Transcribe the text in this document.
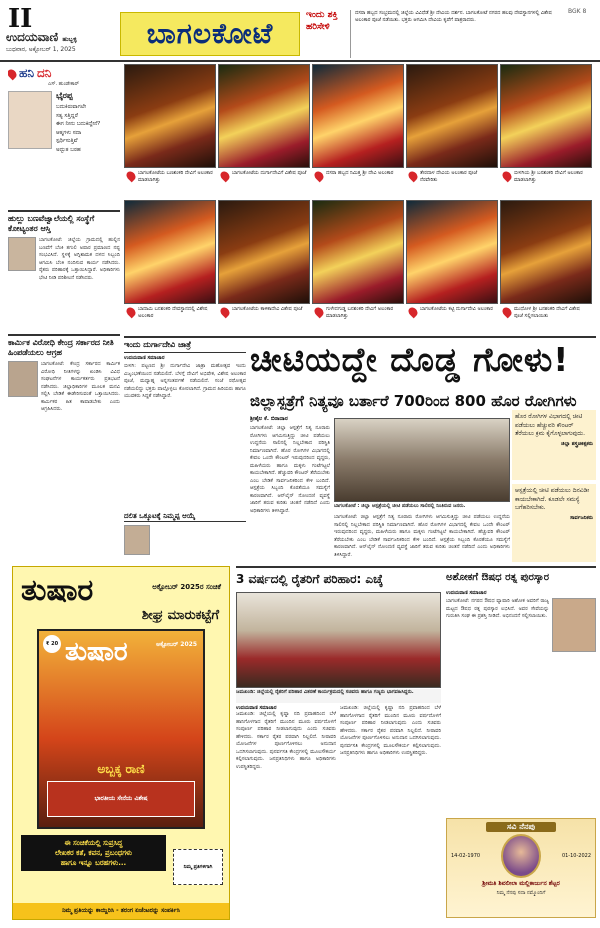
II
ಉದಯವಾಣಿ ಹುಬ್ಬಳ್ಳಿ
ಬುಧವಾರ, ಅಕ್ಟೋಬರ್ 1, 2025	ಬಾಗಲಕೋಟೆ
ಇಂದು ಶಕ್ತಿ
ಹರಿಸೇಳಿ
ದಸರಾ ಹಬ್ಬದ ಸಂಭ್ರಮದಲ್ಲಿ ಜಿಲ್ಲೆಯ ವಿವಿಧೆಡೆ ಶ್ರೀ ದೇವಿಯ ದರ್ಶನ. ಬಾಗಲಕೋಟೆ ನಗರದ ಹಲವು ದೇವಸ್ಥಾನಗಳಲ್ಲಿ ವಿಶೇಷ ಅಲಂಕಾರ ಪೂಜೆ ನಡೆಯಿತು. ಭಕ್ತರು ಆಗಮಿಸಿ ದೇವಿಯ ಕೃಪೆಗೆ ಪಾತ್ರರಾದರು.
BGK 8
ಹನಿ ದನಿ
ಎಸ್. ಹುಂಡೇಕಾರ್
ಭೈರಪ್ಪ
ಬದುಕಿರುವಾಗಲೇ
ಸತ್ಯ ಸತ್ತಿದ್ದರೆ
ಈಗ ನೀನು ಬದುಕಿದ್ದೇನೆ?
ಆತ್ಮಗಳು ಸದಾ
ಸ್ಪರ್ಧಿಸುತ್ತಿವೆ
ಅದ್ಭುತ ಬರಹ
ಹುಲ್ಲು ಬಣವೆಜ್ವಾಲೆಯಲ್ಲಿ ಸಂಸ್ಥೆಗೆ ಕೋಟ್ಯಂತರ ಆಸ್ತಿ
ಬಾಗಲಕೋಟೆ: ಜಿಲ್ಲೆಯ ಗ್ರಾಮದಲ್ಲಿ ಹುಲ್ಲಿನ ಬಣವೆಗೆ ಬೆಂಕಿ ತಗುಲಿ ಅಪಾರ ಪ್ರಮಾಣದ ನಷ್ಟ ಸಂಭವಿಸಿದೆ. ಸ್ಥಳಕ್ಕೆ ಅಗ್ನಿಶಾಮಕ ದಳದ ಸಿಬ್ಬಂದಿ ಆಗಮಿಸಿ ಬೆಂಕಿ ನಂದಿಸುವ ಕಾರ್ಯ ನಡೆಸಿದರು. ರೈತರು ಪರಿಹಾರಕ್ಕೆ ಒತ್ತಾಯಿಸಿದ್ದಾರೆ. ಅಧಿಕಾರಿಗಳು ಭೇಟಿ ನೀಡಿ ಪರಿಶೀಲನೆ ನಡೆಸಿದರು.
ಕಾರ್ಮಿಕ ವಿರೋಧಿ ಕೇಂದ್ರ ಸರ್ಕಾರದ ನೀತಿ ಹಿಂಪಡೆಯಲು ಆಗ್ರಹ
ಬಾಗಲಕೋಟೆ: ಕೇಂದ್ರ ಸರ್ಕಾರದ ಕಾರ್ಮಿಕ ವಿರೋಧಿ ನೀತಿಗಳನ್ನು ಖಂಡಿಸಿ ವಿವಿಧ ಸಂಘಟನೆಗಳ ಕಾರ್ಯಕರ್ತರು ಪ್ರತಿಭಟನೆ ನಡೆಸಿದರು. ಜಿಲ್ಲಾಧಿಕಾರಿಗಳ ಮೂಲಕ ಮನವಿ ಸಲ್ಲಿಸಿ ಬೇಡಿಕೆ ಈಡೇರಿಸುವಂತೆ ಒತ್ತಾಯಿಸಿದರು. ಕಾರ್ಮಿಕರ ಹಿತ ಕಾಪಾಡಬೇಕು ಎಂದು ಆಗ್ರಹಿಸಿದರು.
ಬಾಗಲಕೋಟೆಯ ಬಣಶಂಕರಿ ದೇವಿಗೆ ಅಲಂಕಾರ ಮಾಡಲಾಗಿತ್ತು
ಬಾಗಲಕೋಟೆಯ ದುರ್ಗಾದೇವಿಗೆ ವಿಶೇಷ ಪೂಜೆ	ದಸರಾ ಹಬ್ಬದ ನಿಮಿತ್ತ ಶ್ರೀ ದೇವಿ ಅಲಂಕಾರ	ತೇರದಾಳ ದೇವಿಯ ಅಲಂಕಾರ ಪೂಜೆ ನೆರವೇರಿತು
ಬೀಳಗಿಯ ಶ್ರೀ ಬನಶಂಕರಿ ದೇವಿಗೆ ಅಲಂಕಾರ ಮಾಡಲಾಗಿತ್ತು
ಬಾದಾಮಿ ಬನಶಂಕರಿ ದೇವಸ್ಥಾನದಲ್ಲಿ ವಿಶೇಷ ಅಲಂಕಾರ
ಬಾಗಲಕೋಟೆಯ ಕಾಳಿಕಾದೇವಿ ವಿಶೇಷ ಪೂಜೆ	ಗುಳೇದಗುಡ್ಡ ಬನಶಂಕರಿ ದೇವಿಗೆ ಅಲಂಕಾರ ಮಾಡಲಾಗಿತ್ತು
ಬಾಗಲಕೋಟೆಯ ಕಟ್ಟಿ ದುರ್ಗಾದೇವಿ ಅಲಂಕಾರ	ಮುಧೋಳ ಶ್ರೀ ಬನಶಂಕರಿ ದೇವಿಗೆ ವಿಶೇಷ ಪೂಜೆ ಸಲ್ಲಿಸಲಾಯಿತು
ಇಂದು ದುರ್ಗಾದೇವಿ ಜಾತ್ರೆ
ಉದಯವಾಣಿ ಸಮಾಚಾರ
ಬೀಳಗಿ: ಪಟ್ಟಣದ ಶ್ರೀ ದುರ್ಗಾದೇವಿ ಜಾತ್ರಾ ಮಹೋತ್ಸವ ಇಂದು ವಿಜೃಂಭಣೆಯಿಂದ ನಡೆಯಲಿದೆ. ಬೆಳಗ್ಗೆ ದೇವಿಗೆ ಅಭಿಷೇಕ, ವಿಶೇಷ ಅಲಂಕಾರ ಪೂಜೆ, ಮಧ್ಯಾಹ್ನ ಅನ್ನಸಂತರ್ಪಣೆ ನಡೆಯಲಿದೆ. ಸಂಜೆ ರಥೋತ್ಸವ ನಡೆಯಲಿದ್ದು ಭಕ್ತರು ಪಾಲ್ಗೊಳ್ಳಲು ಕೋರಲಾಗಿದೆ. ಗ್ರಾಮದ ಹಿರಿಯರು ಹಾಗೂ ಯುವಕರು ಸಿದ್ಧತೆ ನಡೆಸಿದ್ದಾರೆ.
ದಲಿತ ಒಕ್ಕೂಟಕ್ಕೆ ನಿಮ್ಮಪ್ಪ ಆಯ್ಕೆ
ಚೀಟಿಯದ್ದೇ ದೊಡ್ಡ ಗೋಳು!
ಜಿಲ್ಲಾಸ್ಪತ್ರೆಗೆ ನಿತ್ಯವೂ ಬರ್ತಾರೆ 700ರಿಂದ 800 ಹೊರ ರೋಗಿಗಳು
ಶ್ರೀಶೈಲ ಕೆ. ಬಿರಾದಾರ
ಬಾಗಲಕೋಟೆ: ಜಿಲ್ಲಾ ಆಸ್ಪತ್ರೆಗೆ ನಿತ್ಯ ನೂರಾರು ರೋಗಿಗಳು ಆಗಮಿಸುತ್ತಿದ್ದು ಚೀಟಿ ಪಡೆಯಲು ಉದ್ದನೆಯ ಸಾಲಿನಲ್ಲಿ ನಿಲ್ಲಬೇಕಾದ ಪರಿಸ್ಥಿತಿ ನಿರ್ಮಾಣವಾಗಿದೆ. ಹೊರ ರೋಗಿಗಳ ವಿಭಾಗದಲ್ಲಿ ಕೇವಲ ಒಂದೇ ಕೌಂಟರ್ ಇರುವುದರಿಂದ ವೃದ್ಧರು, ಮಹಿಳೆಯರು ಹಾಗೂ ಮಕ್ಕಳು ಗಂಟೆಗಟ್ಟಲೆ ಕಾಯಬೇಕಾಗಿದೆ. ಹೆಚ್ಚುವರಿ ಕೌಂಟರ್ ತೆರೆಯಬೇಕು ಎಂಬ ಬೇಡಿಕೆ ಸಾರ್ವಜನಿಕರಿಂದ ಕೇಳಿ ಬಂದಿದೆ. ಆಸ್ಪತ್ರೆಯ ಸಿಬ್ಬಂದಿ ಕೊರತೆಯೂ ಸಮಸ್ಯೆಗೆ ಕಾರಣವಾಗಿದೆ. ಆನ್‌ಲೈನ್ ನೋಂದಣಿ ವ್ಯವಸ್ಥೆ ಜಾರಿಗೆ ತರುವ ಕುರಿತು ಚಿಂತನೆ ನಡೆದಿದೆ ಎಂದು ಅಧಿಕಾರಿಗಳು ತಿಳಿಸಿದ್ದಾರೆ.
ಬಾಗಲಕೋಟೆ : ಜಿಲ್ಲಾ ಆಸ್ಪತ್ರೆಯಲ್ಲಿ ಚೀಟಿ ಪಡೆಯಲು ಸಾಲಿನಲ್ಲಿ ನಿಂತಿರುವ ಜನರು.
ಬಾಗಲಕೋಟೆ: ಜಿಲ್ಲಾ ಆಸ್ಪತ್ರೆಗೆ ನಿತ್ಯ ನೂರಾರು ರೋಗಿಗಳು ಆಗಮಿಸುತ್ತಿದ್ದು ಚೀಟಿ ಪಡೆಯಲು ಉದ್ದನೆಯ ಸಾಲಿನಲ್ಲಿ ನಿಲ್ಲಬೇಕಾದ ಪರಿಸ್ಥಿತಿ ನಿರ್ಮಾಣವಾಗಿದೆ. ಹೊರ ರೋಗಿಗಳ ವಿಭಾಗದಲ್ಲಿ ಕೇವಲ ಒಂದೇ ಕೌಂಟರ್ ಇರುವುದರಿಂದ ವೃದ್ಧರು, ಮಹಿಳೆಯರು ಹಾಗೂ ಮಕ್ಕಳು ಗಂಟೆಗಟ್ಟಲೆ ಕಾಯಬೇಕಾಗಿದೆ. ಹೆಚ್ಚುವರಿ ಕೌಂಟರ್ ತೆರೆಯಬೇಕು ಎಂಬ ಬೇಡಿಕೆ ಸಾರ್ವಜನಿಕರಿಂದ ಕೇಳಿ ಬಂದಿದೆ. ಆಸ್ಪತ್ರೆಯ ಸಿಬ್ಬಂದಿ ಕೊರತೆಯೂ ಸಮಸ್ಯೆಗೆ ಕಾರಣವಾಗಿದೆ. ಆನ್‌ಲೈನ್ ನೋಂದಣಿ ವ್ಯವಸ್ಥೆ ಜಾರಿಗೆ ತರುವ ಕುರಿತು ಚಿಂತನೆ ನಡೆದಿದೆ ಎಂದು ಅಧಿಕಾರಿಗಳು ತಿಳಿಸಿದ್ದಾರೆ.
ಹೊರ ರೋಗಿಗಳ ವಿಭಾಗದಲ್ಲಿ ಚೀಟಿ ಪಡೆಯಲು ಹೆಚ್ಚುವರಿ ಕೌಂಟರ್ ತೆರೆಯಲು ಕ್ರಮ ಕೈಗೊಳ್ಳಲಾಗುವುದು.
ಜಿಲ್ಲಾ ಶಸ್ತ್ರಚಿಕಿತ್ಸಕರು
ಆಸ್ಪತ್ರೆಯಲ್ಲಿ ಚೀಟಿ ಪಡೆಯಲು ದಿನವಿಡೀ ಕಾಯಬೇಕಾಗಿದೆ. ಕೂಡಲೇ ಸಮಸ್ಯೆ ಬಗೆಹರಿಸಬೇಕು.
ಸಾರ್ವಜನಿಕರು
ತುಷಾರ	ಅಕ್ಟೋಬರ್ 2025ರ ಸಂಚಿಕೆ
ಶೀಘ್ರ ಮಾರುಕಟ್ಟೆಗೆ
₹ 20 ತುಷಾರ	ಅಕ್ಟೋಬರ್ 2025
ಅಬ್ಬಕ್ಕ ರಾಣಿ
ಭಾರತೀಯ ಸೇನೆಯ ವಿಶೇಷ
ಈ ಸಂಚಿಕೆಯಲ್ಲಿ ಸುಪ್ರಸಿದ್ಧ
ಲೇಖಕರ ಕತೆ, ಕವನ, ಪ್ರಬಂಧಗಳು
ಹಾಗೂ ಇನ್ನೂ ಬರಹಗಳು...	ನಿಮ್ಮ ಪ್ರತಿಗಳಿಗಾಗಿ
ನಿಮ್ಮ ಪ್ರತಿಯನ್ನು ಕಾಯ್ದಿರಿಸಿ - ತರಂಗ ಏಜೆಂಟರನ್ನು ಸಂಪರ್ಕಿಸಿ
3 ವರ್ಷದಲ್ಲಿ ರೈತರಿಗೆ ಪರಿಹಾರ: ಎಚ್ಕೆ
ಜಮಖಂಡಿ: ಜಿಲ್ಲೆಯಲ್ಲಿ ರೈತರಿಗೆ ಪರಿಹಾರ ವಿತರಣೆ ಕಾರ್ಯಕ್ರಮದಲ್ಲಿ ಸಚಿವರು ಹಾಗೂ ಗಣ್ಯರು ಭಾಗವಹಿಸಿದ್ದರು.
ಉದಯವಾಣಿ ಸಮಾಚಾರ
ಜಮಖಂಡಿ: ಜಿಲ್ಲೆಯಲ್ಲಿ ಕೃಷ್ಣಾ ನದಿ ಪ್ರವಾಹದಿಂದ ಬೆಳೆ ಹಾನಿಗೊಳಗಾದ ರೈತರಿಗೆ ಮುಂದಿನ ಮೂರು ವರ್ಷದೊಳಗೆ ಸಂಪೂರ್ಣ ಪರಿಹಾರ ನೀಡಲಾಗುವುದು ಎಂದು ಸಚಿವರು ಹೇಳಿದರು. ಸರ್ಕಾರ ರೈತರ ಪರವಾಗಿ ನಿಲ್ಲಲಿದೆ. ನೀರಾವರಿ ಯೋಜನೆಗಳ ಪೂರ್ಣಗೊಳಿಸಲು ಅನುದಾನ ಒದಗಿಸಲಾಗುವುದು. ಪುನರ್ವಸತಿ ಕೇಂದ್ರಗಳಲ್ಲಿ ಮೂಲಸೌಕರ್ಯ ಕಲ್ಪಿಸಲಾಗುವುದು. ಜನಪ್ರತಿನಿಧಿಗಳು ಹಾಗೂ ಅಧಿಕಾರಿಗಳು ಉಪಸ್ಥಿತರಿದ್ದರು.
ಜಮಖಂಡಿ: ಜಿಲ್ಲೆಯಲ್ಲಿ ಕೃಷ್ಣಾ ನದಿ ಪ್ರವಾಹದಿಂದ ಬೆಳೆ ಹಾನಿಗೊಳಗಾದ ರೈತರಿಗೆ ಮುಂದಿನ ಮೂರು ವರ್ಷದೊಳಗೆ ಸಂಪೂರ್ಣ ಪರಿಹಾರ ನೀಡಲಾಗುವುದು ಎಂದು ಸಚಿವರು ಹೇಳಿದರು. ಸರ್ಕಾರ ರೈತರ ಪರವಾಗಿ ನಿಲ್ಲಲಿದೆ. ನೀರಾವರಿ ಯೋಜನೆಗಳ ಪೂರ್ಣಗೊಳಿಸಲು ಅನುದಾನ ಒದಗಿಸಲಾಗುವುದು. ಪುನರ್ವಸತಿ ಕೇಂದ್ರಗಳಲ್ಲಿ ಮೂಲಸೌಕರ್ಯ ಕಲ್ಪಿಸಲಾಗುವುದು. ಜನಪ್ರತಿನಿಧಿಗಳು ಹಾಗೂ ಅಧಿಕಾರಿಗಳು ಉಪಸ್ಥಿತರಿದ್ದರು.
ಅಶೋಕಗೆ ಔಷಧ ರತ್ನ ಪುರಸ್ಕಾರ
ಉದಯವಾಣಿ ಸಮಾಚಾರ
ಬಾಗಲಕೋಟೆ: ನಗರದ ಔಷಧ ವ್ಯಾಪಾರಿ ಅಶೋಕ ಅವರಿಗೆ ರಾಜ್ಯ ಮಟ್ಟದ ಔಷಧ ರತ್ನ ಪುರಸ್ಕಾರ ಲಭಿಸಿದೆ. ಅವರ ಸೇವೆಯನ್ನು ಗುರುತಿಸಿ ಸಂಘ ಈ ಪ್ರಶಸ್ತಿ ನೀಡಿದೆ. ಅಭಿನಂದನೆ ಸಲ್ಲಿಸಲಾಯಿತು.
ಸವಿ ನೆನಪು
14-02-1970	01-10-2022
ಶ್ರೀಮತಿ ಶಿವಲೀಲಾ ಮಲ್ಲಿಕಾರ್ಜುನ ಶೆಟ್ಟರ
ನಿಮ್ಮ ನೆನಪು ಸದಾ ನಮ್ಮೊಂದಿಗೆ
